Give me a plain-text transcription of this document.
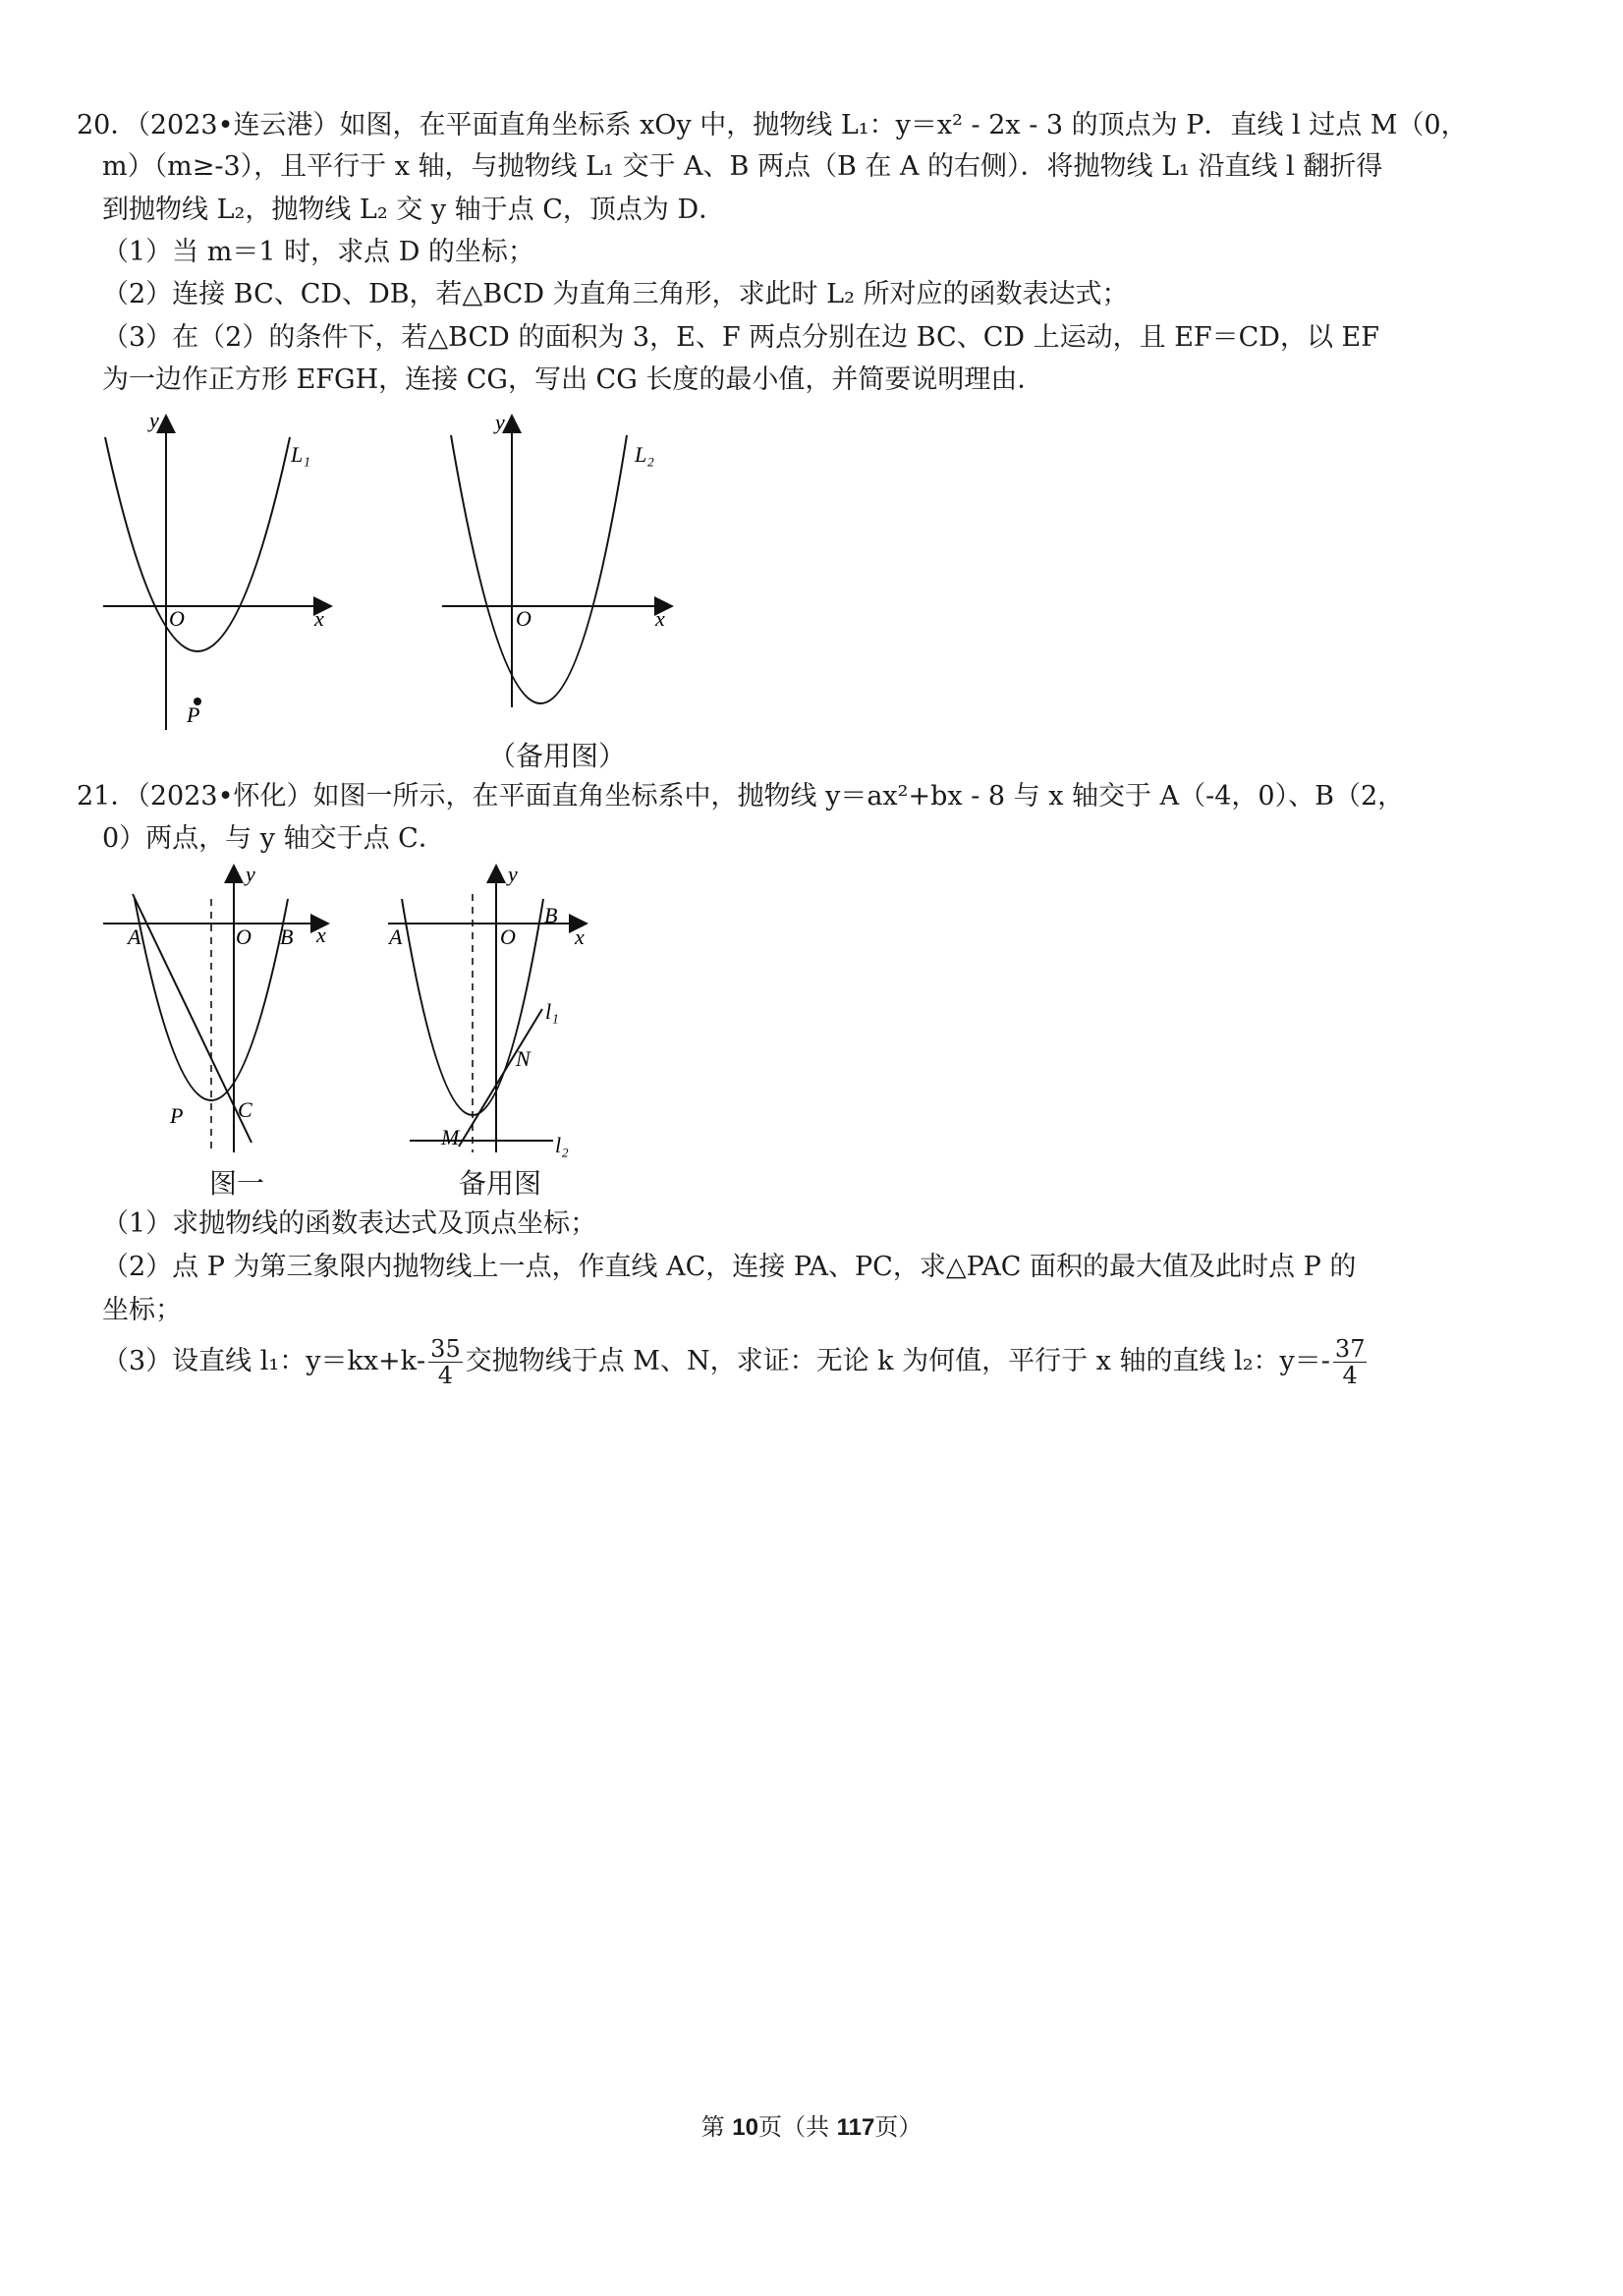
20．（2023•连云港）如图，在平面直角坐标系 xOy 中，抛物线 L₁：y＝x² ‑ 2x ‑ 3 的顶点为 P．直线 l 过点 M（0，
m）（m≥‑3），且平行于 x 轴，与抛物线 L₁ 交于 A、B 两点（B 在 A 的右侧）．将抛物线 L₁ 沿直线 l 翻折得
到抛物线 L₂，抛物线 L₂ 交 y 轴于点 C，顶点为 D．
（1）当 m＝1 时，求点 D 的坐标；
（2）连接 BC、CD、DB，若△BCD 为直角三角形，求此时 L₂ 所对应的函数表达式；
（3）在（2）的条件下，若△BCD 的面积为 3，E、F 两点分别在边 BC、CD 上运动，且 EF＝CD，以 EF
为一边作正方形 EFGH，连接 CG，写出 CG 长度的最小值，并简要说明理由．
y
x
O
L₁
P
y
x
O
L₂
（备用图）
21．（2023•怀化）如图一所示，在平面直角坐标系中，抛物线 y＝ax²+bx ‑ 8 与 x 轴交于 A（‑4，0）、B（2，
0）两点，与 y 轴交于点 C．
y
x
O
A	B
C
P
图一
y
x
O
A
B
M
N
l₁
l₂
备用图
（1）求抛物线的函数表达式及顶点坐标；
（2）点 P 为第三象限内抛物线上一点，作直线 AC，连接 PA、PC，求△PAC 面积的最大值及此时点 P 的
坐标；
（3）设直线 l₁：y＝kx+k‑ $\frac{35}{4}$ 交抛物线于点 M、N，求证：无论 k 为何值，平行于 x 轴的直线 l₂：y＝‑ $\frac{37}{4}$
第 10页（共 117页）
